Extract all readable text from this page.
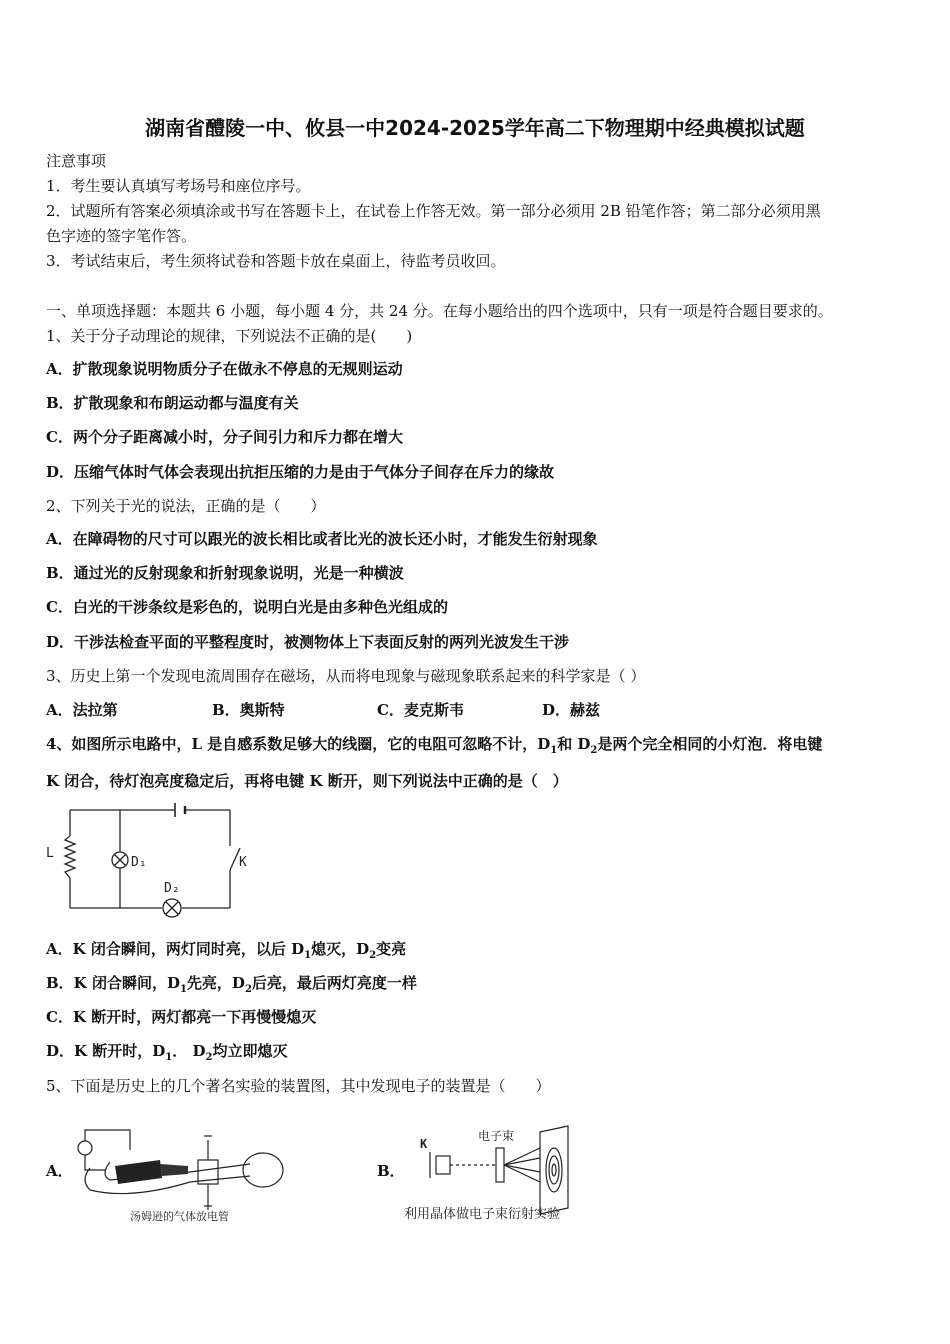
湖南省醴陵一中、攸县一中2024-2025学年高二下物理期中经典模拟试题
注意事项
1．考生要认真填写考场号和座位序号。
2．试题所有答案必须填涂或书写在答题卡上，在试卷上作答无效。第一部分必须用 2B 铅笔作答；第二部分必须用黑
色字迹的签字笔作答。
3．考试结束后，考生须将试卷和答题卡放在桌面上，待监考员收回。
一、单项选择题：本题共 6 小题，每小题 4 分，共 24 分。在每小题给出的四个选项中，只有一项是符合题目要求的。
1、关于分子动理论的规律，下列说法不正确的是(　　)
A．扩散现象说明物质分子在做永不停息的无规则运动
B．扩散现象和布朗运动都与温度有关
C．两个分子距离减小时，分子间引力和斥力都在增大
D．压缩气体时气体会表现出抗拒压缩的力是由于气体分子间存在斥力的缘故
2、下列关于光的说法，正确的是（　　）
A．在障碍物的尺寸可以跟光的波长相比或者比光的波长还小时，才能发生衍射现象
B．通过光的反射现象和折射现象说明，光是一种横波
C．白光的干涉条纹是彩色的，说明白光是由多种色光组成的
D．干涉法检查平面的平整程度时，被测物体上下表面反射的两列光波发生干涉
3、历史上第一个发现电流周围存在磁场，从而将电现象与磁现象联系起来的科学家是（ ）
A．法拉第	B．奥斯特	C．麦克斯韦	D．赫兹
4、如图所示电路中，L 是自感系数足够大的线圈，它的电阻可忽略不计，$D_1$和 $D_2$是两个完全相同的小灯泡．将电键
K 闭合，待灯泡亮度稳定后，再将电键 K 断开，则下列说法中正确的是（　）
L
D₁
D₂
K
A．K 闭合瞬间，两灯同时亮，以后 $D_1$熄灭，$D_2$变亮
B．K 闭合瞬间，$D_1$先亮，$D_2$后亮，最后两灯亮度一样
C．K 断开时，两灯都亮一下再慢慢熄灭
D．K 断开时，$D_1$． $D_2$均立即熄灭
5、下面是历史上的几个著名实验的装置图，其中发现电子的装置是（　　）
A．
汤姆逊的气体放电管
B．
K
电子束
利用晶体做电子束衍射实验
